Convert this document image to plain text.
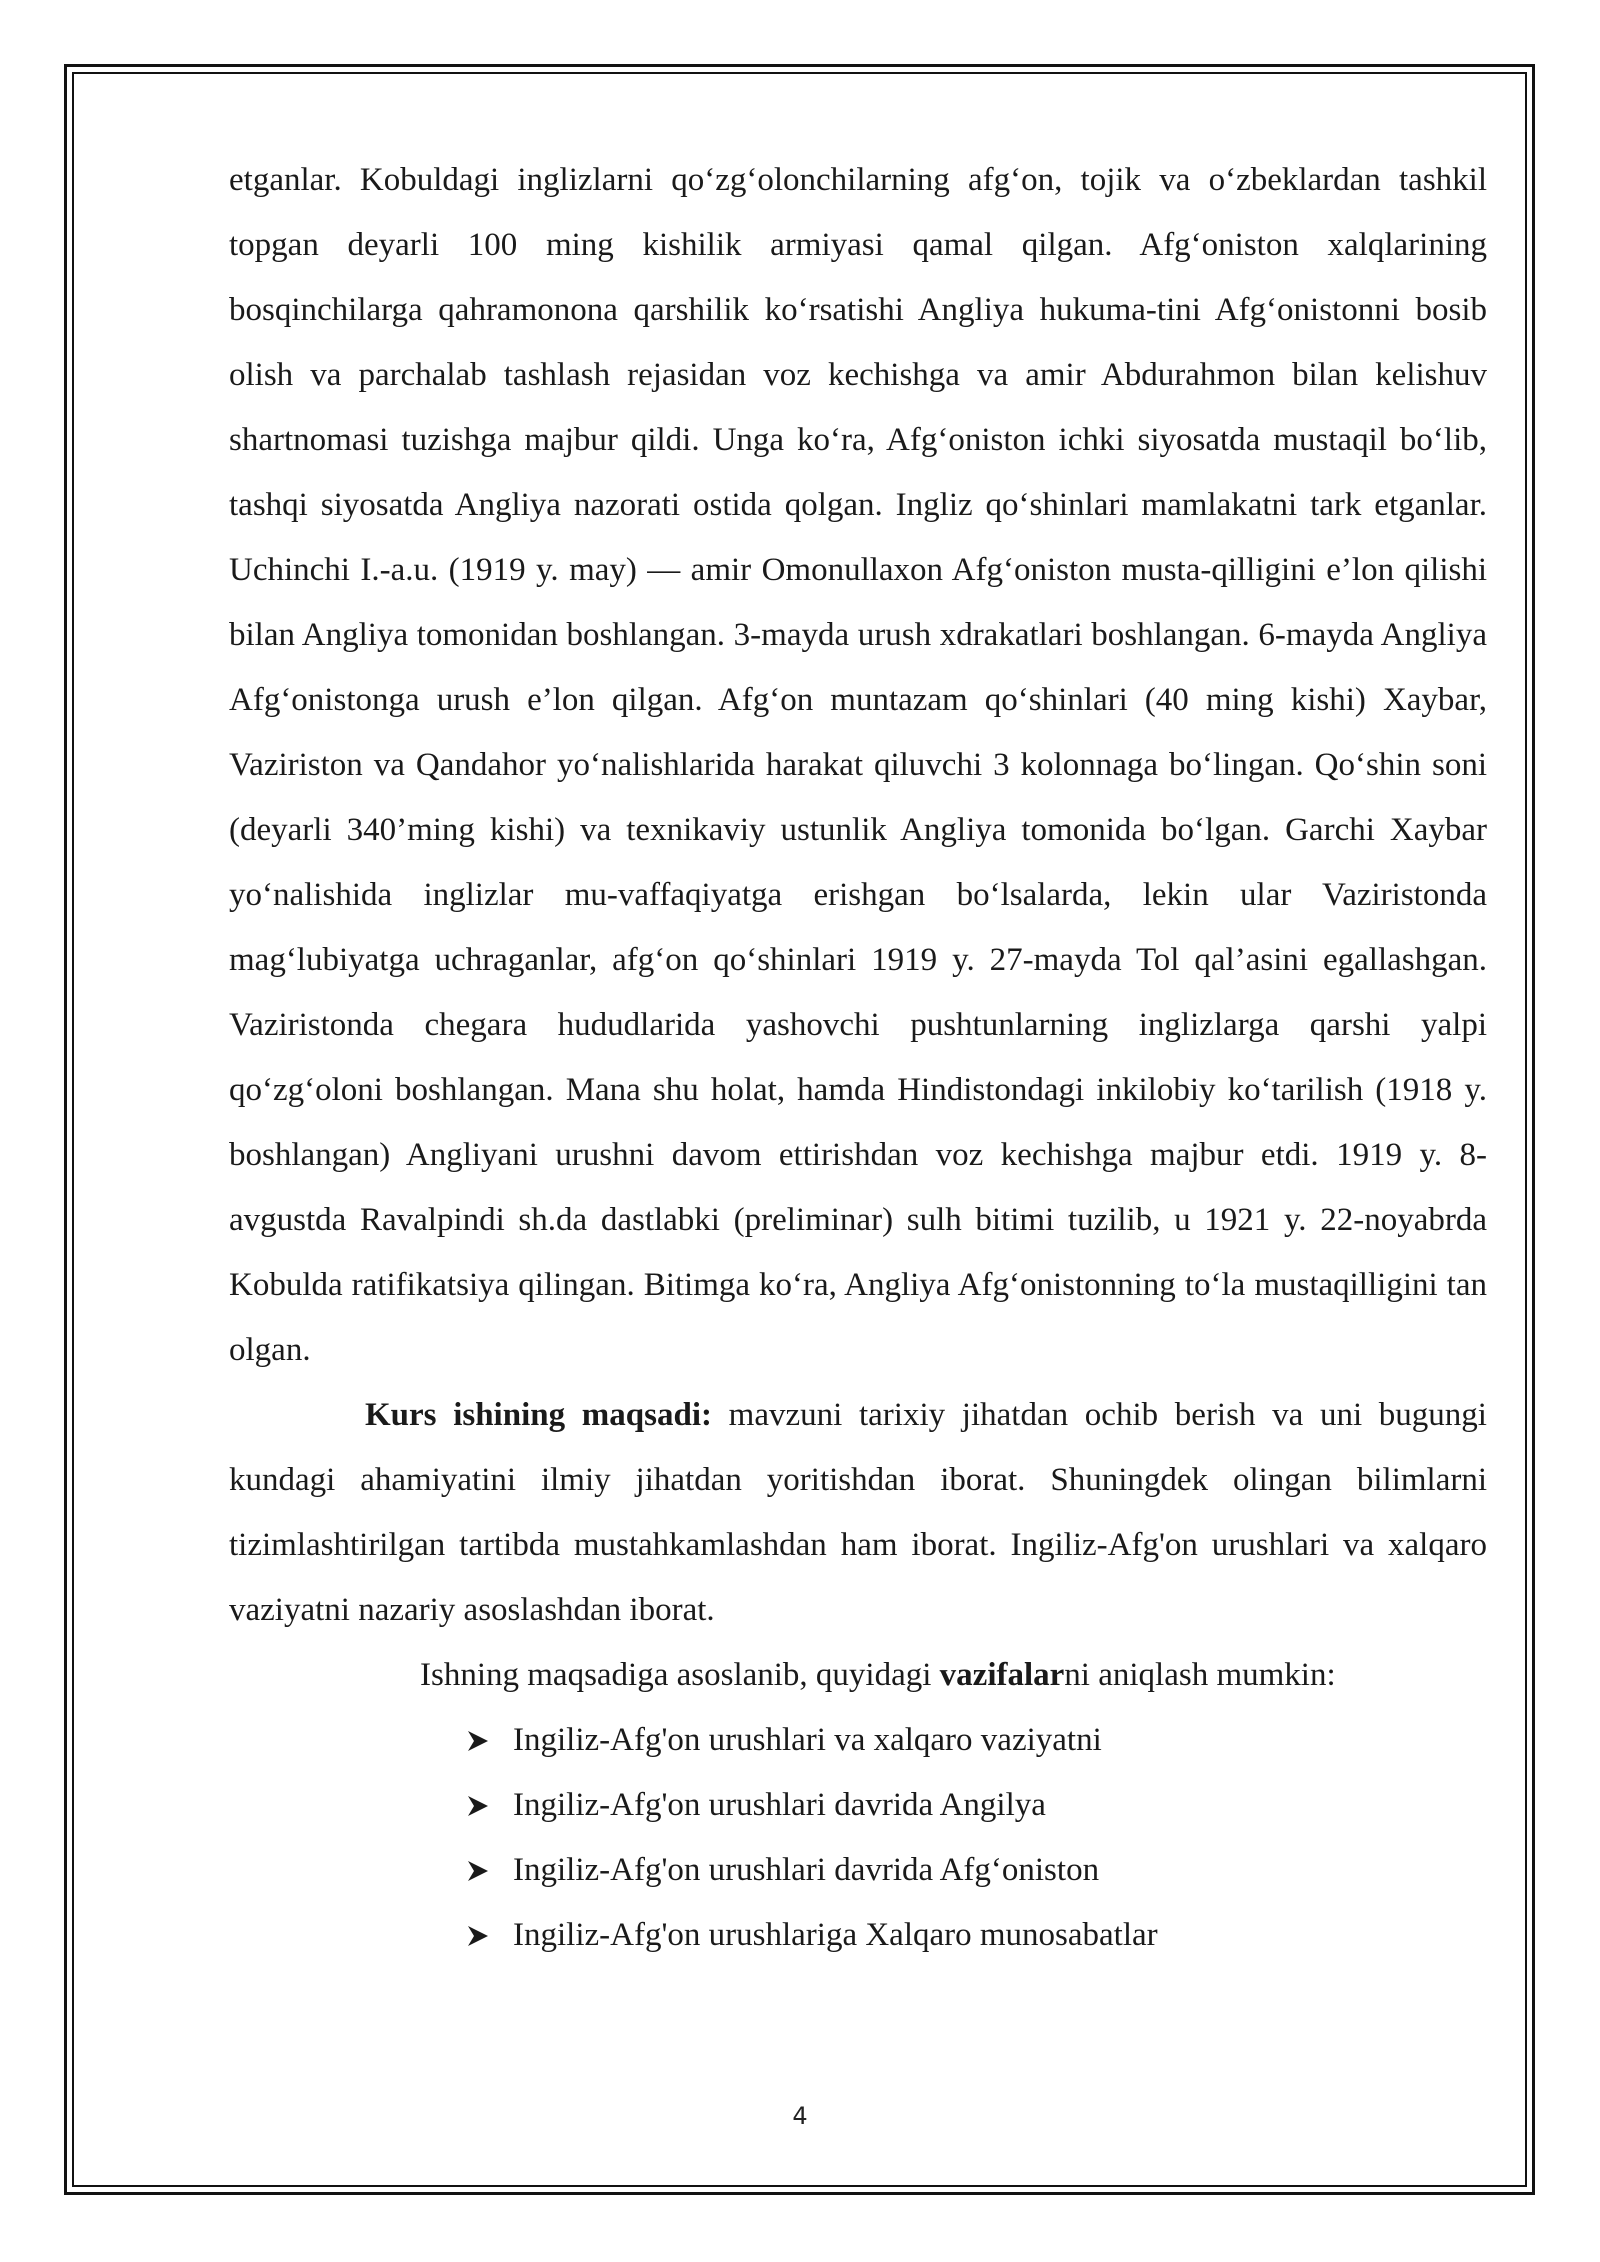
etganlar. Kobuldagi inglizlarni qo‘zg‘olonchilarning afg‘on, tojik va o‘zbeklardan tashkil topgan deyarli 100 ming kishilik armiyasi qamal qilgan. Afg‘oniston xalqlarining bosqinchilarga qahramonona qarshilik ko‘rsatishi Angliya hukuma-tini Afg‘onistonni bosib olish va parchalab tashlash rejasidan voz kechishga va amir Abdurahmon bilan kelishuv shartnomasi tuzishga majbur qildi. Unga ko‘ra, Afg‘oniston ichki siyosatda mustaqil bo‘lib, tashqi siyosatda Angliya nazorati ostida qolgan. Ingliz qo‘shinlari mamlakatni tark etganlar. Uchinchi I.-a.u. (1919 y. may) — amir Omonullaxon Afg‘oniston musta-qilligini e’lon qilishi bilan Angliya tomonidan boshlangan. 3-mayda urush xdrakatlari boshlangan. 6-mayda Angliya Afg‘onistonga urush e’lon qilgan. Afg‘on muntazam qo‘shinlari (40 ming kishi) Xaybar, Vaziriston va Qandahor yo‘nalishlarida harakat qiluvchi 3 kolonnaga bo‘lingan. Qo‘shin soni (deyarli 340’ming kishi) va texnikaviy ustunlik Angliya tomonida bo‘lgan. Garchi Xaybar yo‘nalishida inglizlar mu-vaffaqiyatga erishgan bo‘lsalarda, lekin ular Vaziristonda mag‘lubiyatga uchraganlar, afg‘on qo‘shinlari 1919 y. 27-mayda Tol qal’asini egallashgan. Vaziristonda chegara hududlarida yashovchi pushtunlarning inglizlarga qarshi yalpi qo‘zg‘oloni boshlangan. Mana shu holat, hamda Hindistondagi inkilobiy ko‘tarilish (1918 y. boshlangan) Angliyani urushni davom ettirishdan voz kechishga majbur etdi. 1919 y. 8-avgustda Ravalpindi sh.da dastlabki (preliminar) sulh bitimi tuzilib, u 1921 y. 22-noyabrda Kobulda ratifikatsiya qilingan. Bitimga ko‘ra, Angliya Afg‘onistonning to‘la mustaqilligini tan olgan.

Kurs ishining maqsadi: mavzuni tarixiy jihatdan ochib berish va uni bugungi kundagi ahamiyatini ilmiy jihatdan yoritishdan iborat. Shuningdek olingan bilimlarni tizimlashtirilgan tartibda mustahkamlashdan ham iborat. Ingiliz-Afg'on urushlari va xalqaro vaziyatni nazariy asoslashdan iborat.

Ishning maqsadiga asoslanib, quyidagi vazifalarni aniqlash mumkin:

Ingiliz-Afg'on urushlari va xalqaro vaziyatni
Ingiliz-Afg'on urushlari davrida Angilya
Ingiliz-Afg'on urushlari davrida Afg‘oniston
Ingiliz-Afg'on urushlariga Xalqaro munosabatlar
4
